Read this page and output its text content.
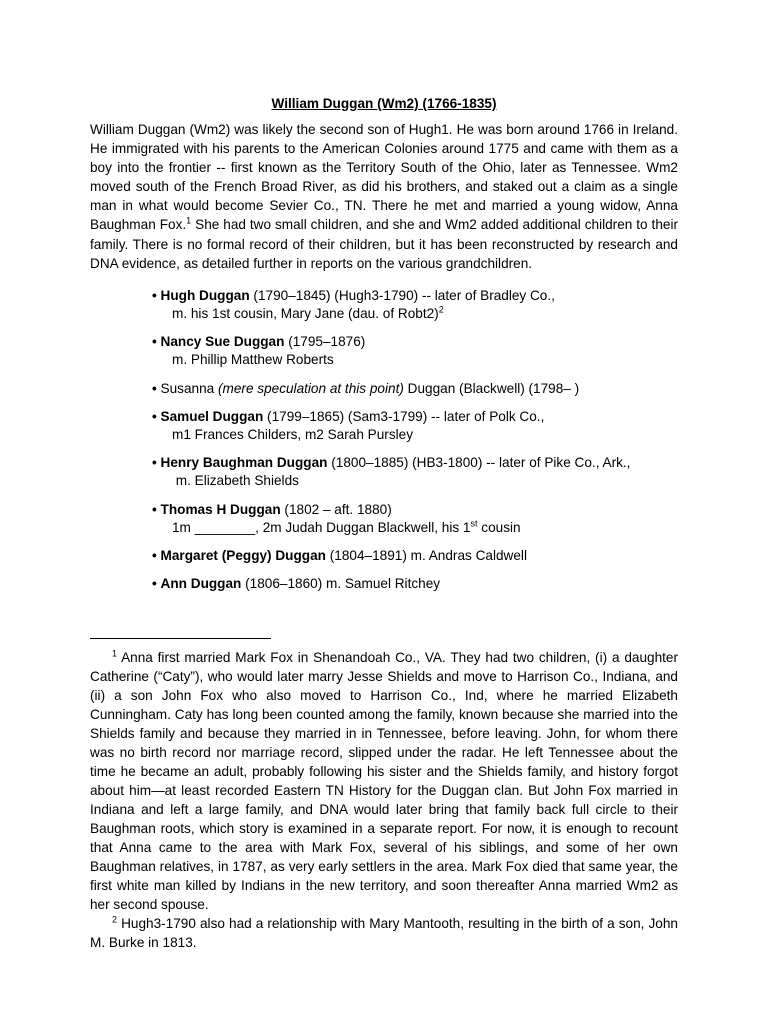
William Duggan (Wm2) (1766-1835)

William Duggan (Wm2) was likely the second son of Hugh1. He was born around 1766 in Ireland. He immigrated with his parents to the American Colonies around 1775 and came with them as a boy into the frontier -- first known as the Territory South of the Ohio, later as Tennessee. Wm2 moved south of the French Broad River, as did his brothers, and staked out a claim as a single man in what would become Sevier Co., TN. There he met and married a young widow, Anna Baughman Fox.$^1$ She had two small children, and she and Wm2 added additional children to their family. There is no formal record of their children, but it has been reconstructed by research and DNA evidence, as detailed further in reports on the various grandchildren.

• Hugh Duggan (1790–1845) (Hugh3-1790) -- later of Bradley Co.,
m. his 1st cousin, Mary Jane (dau. of Robt2)$^2$
• Nancy Sue Duggan (1795–1876)
m. Phillip Matthew Roberts
• Susanna (mere speculation at this point) Duggan (Blackwell) (1798– )
• Samuel Duggan (1799–1865) (Sam3-1799) -- later of Polk Co.,
m1 Frances Childers, m2 Sarah Pursley
• Henry Baughman Duggan (1800–1885) (HB3-1800) -- later of Pike Co., Ark.,
m. Elizabeth Shields
• Thomas H Duggan (1802 – aft. 1880)
1m ________, 2m Judah Duggan Blackwell, his 1st cousin
• Margaret (Peggy) Duggan (1804–1891) m. Andras Caldwell
• Ann Duggan (1806–1860) m. Samuel Ritchey

$^1$ Anna first married Mark Fox in Shenandoah Co., VA. They had two children, (i) a daughter Catherine (“Caty”), who would later marry Jesse Shields and move to Harrison Co., Indiana, and (ii) a son John Fox who also moved to Harrison Co., Ind, where he married Elizabeth Cunningham. Caty has long been counted among the family, known because she married into the Shields family and because they married in in Tennessee, before leaving. John, for whom there was no birth record nor marriage record, slipped under the radar. He left Tennessee about the time he became an adult, probably following his sister and the Shields family, and history forgot about him—at least recorded Eastern TN History for the Duggan clan. But John Fox married in Indiana and left a large family, and DNA would later bring that family back full circle to their Baughman roots, which story is examined in a separate report. For now, it is enough to recount that Anna came to the area with Mark Fox, several of his siblings, and some of her own Baughman relatives, in 1787, as very early settlers in the area. Mark Fox died that same year, the first white man killed by Indians in the new territory, and soon thereafter Anna married Wm2 as her second spouse.

$^2$ Hugh3-1790 also had a relationship with Mary Mantooth, resulting in the birth of a son, John M. Burke in 1813.
